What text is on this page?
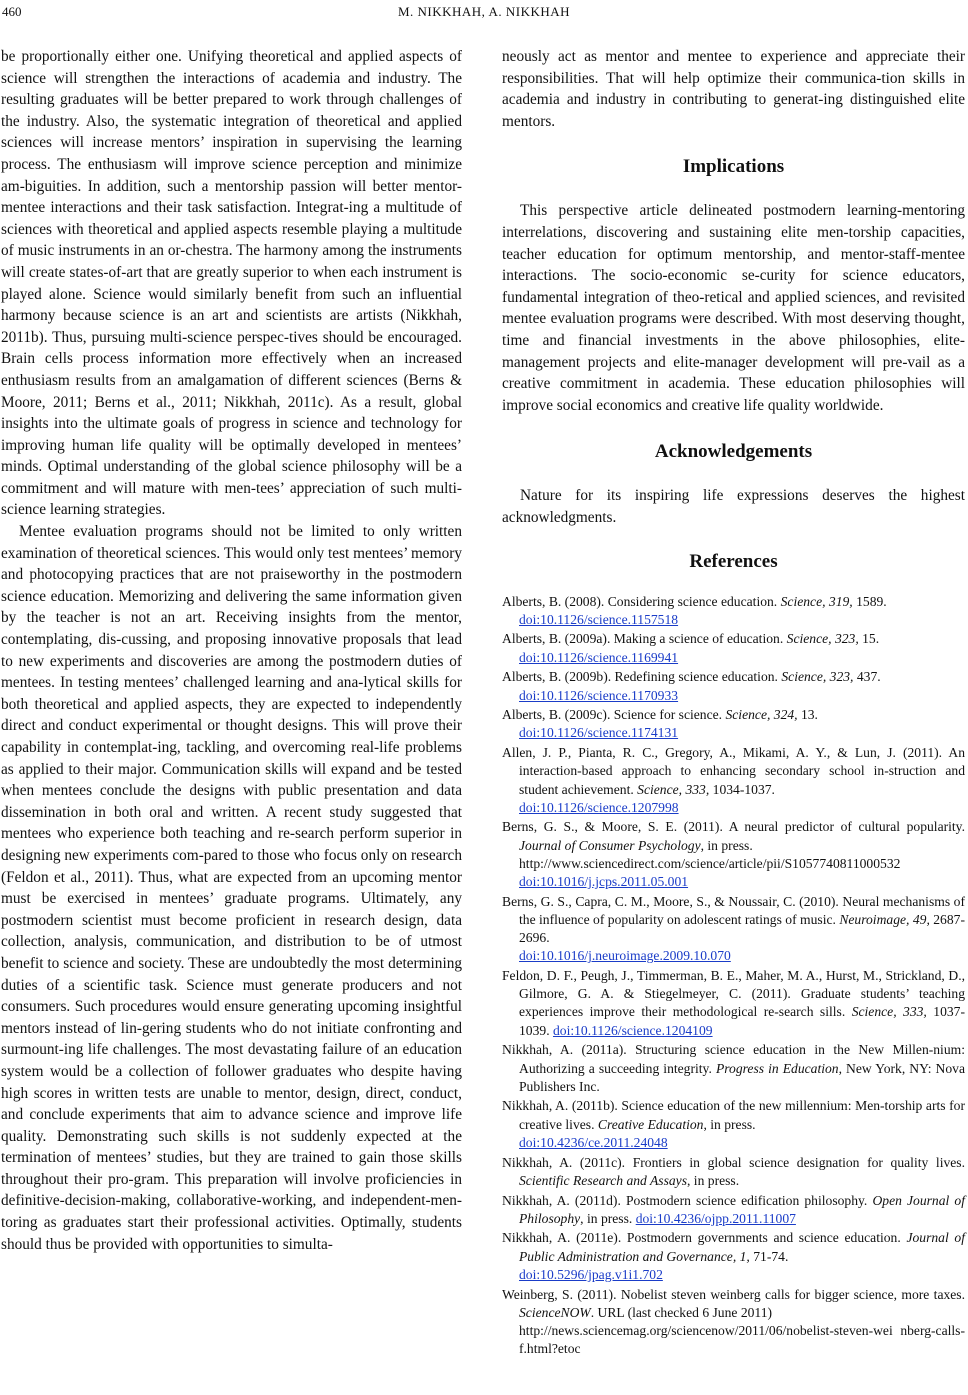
460	M. NIKKHAH, A. NIKKHAH

be proportionally either one. Unifying theoretical and applied aspects of science will strengthen the interactions of academia and industry. The resulting graduates will be better prepared to work through challenges of the industry. Also, the systematic integration of theoretical and applied sciences will increase mentors’ inspiration in supervising the learning process. The enthusiasm will improve science perception and minimize am-biguities. In addition, such a mentorship passion will better mentor-mentee interactions and their task satisfaction. Integrat-ing a multitude of sciences with theoretical and applied aspects resemble playing a multitude of music instruments in an or-chestra. The harmony among the instruments will create states-of-art that are greatly superior to when each instrument is played alone. Science would similarly benefit from such an influential harmony because science is an art and scientists are artists (Nikkhah, 2011b). Thus, pursuing multi-science perspec-tives should be encouraged. Brain cells process information more effectively when an increased enthusiasm results from an amalgamation of different sciences (Berns & Moore, 2011; Berns et al., 2011; Nikkhah, 2011c). As a result, global insights into the ultimate goals of progress in science and technology for improving human life quality will be optimally developed in mentees’ minds. Optimal understanding of the global science philosophy will be a commitment and will mature with men-tees’ appreciation of such multi-science learning strategies.

Mentee evaluation programs should not be limited to only written examination of theoretical sciences. This would only test mentees’ memory and photocopying practices that are not praiseworthy in the postmodern science education. Memorizing and delivering the same information given by the teacher is not an art. Receiving insights from the mentor, contemplating, dis-cussing, and proposing innovative proposals that lead to new experiments and discoveries are among the postmodern duties of mentees. In testing mentees’ challenged learning and ana-lytical skills for both theoretical and applied aspects, they are expected to independently direct and conduct experimental or thought designs. This will prove their capability in contemplat-ing, tackling, and overcoming real-life problems as applied to their major. Communication skills will expand and be tested when mentees conclude the designs with public presentation and data dissemination in both oral and written. A recent study suggested that mentees who experience both teaching and re-search perform superior in designing new experiments com-pared to those who focus only on research (Feldon et al., 2011). Thus, what are expected from an upcoming mentor must be exercised in mentees’ graduate programs. Ultimately, any postmodern scientist must become proficient in research design, data collection, analysis, communication, and distribution to be of utmost benefit to science and society. These are undoubtedly the most determining duties of a scientific task. Science must generate producers and not consumers. Such procedures would ensure generating upcoming insightful mentors instead of lin-gering students who do not initiate confronting and surmount-ing life challenges. The most devastating failure of an education system would be a collection of follower graduates who despite having high scores in written tests are unable to mentor, design, direct, conduct, and conclude experiments that aim to advance science and improve life quality. Demonstrating such skills is not suddenly expected at the termination of mentees’ studies, but they are trained to gain those skills throughout their pro-gram. This preparation will involve proficiencies in definitive-decision-making, collaborative-working, and independent-men-toring as graduates start their professional activities. Optimally, students should thus be provided with opportunities to simulta-

neously act as mentor and mentee to experience and appreciate their responsibilities. That will help optimize their communica-tion skills in academia and industry in contributing to generat-ing distinguished elite mentors.

Implications

This perspective article delineated postmodern learning-mentoring interrelations, discovering and sustaining elite men-torship capacities, teacher education for optimum mentorship, and mentor-staff-mentee interactions. The socio-economic se-curity for science educators, fundamental integration of theo-retical and applied sciences, and revisited mentee evaluation programs were described. With most deserving thought, time and financial investments in the above philosophies, elite-management projects and elite-manager development will pre-vail as a creative commitment in academia. These education philosophies will improve social economics and creative life quality worldwide.

Acknowledgements

Nature for its inspiring life expressions deserves the highest acknowledgments.

References
Alberts, B. (2008). Considering science education. Science, 319, 1589.
doi:10.1126/science.1157518
Alberts, B. (2009a). Making a science of education. Science, 323, 15.
doi:10.1126/science.1169941
Alberts, B. (2009b). Redefining science education. Science, 323, 437.
doi:10.1126/science.1170933
Alberts, B. (2009c). Science for science. Science, 324, 13.
doi:10.1126/science.1174131
Allen, J. P., Pianta, R. C., Gregory, A., Mikami, A. Y., & Lun, J. (2011). An interaction-based approach to enhancing secondary school in-struction and student achievement. Science, 333, 1034-1037.
doi:10.1126/science.1207998
Berns, G. S., & Moore, S. E. (2011). A neural predictor of cultural popularity. Journal of Consumer Psychology, in press.
http://www.sciencedirect.com/science/article/pii/S1057740811000532
doi:10.1016/j.jcps.2011.05.001
Berns, G. S., Capra, C. M., Moore, S., & Noussair, C. (2010). Neural mechanisms of the influence of popularity on adolescent ratings of music. Neuroimage, 49, 2687-2696.
doi:10.1016/j.neuroimage.2009.10.070
Feldon, D. F., Peugh, J., Timmerman, B. E., Maher, M. A., Hurst, M., Strickland, D., Gilmore, G. A. & Stiegelmeyer, C. (2011). Graduate students’ teaching experiences improve their methodological re-search sills. Science, 333, 1037-1039. doi:10.1126/science.1204109
Nikkhah, A. (2011a). Structuring science education in the New Millen-nium: Authorizing a succeeding integrity. Progress in Education, New York, NY: Nova Publishers Inc.
Nikkhah, A. (2011b). Science education of the new millennium: Men-torship arts for creative lives. Creative Education, in press.
doi:10.4236/ce.2011.24048
Nikkhah, A. (2011c). Frontiers in global science designation for quality lives. Scientific Research and Assays, in press.
Nikkhah, A. (2011d). Postmodern science edification philosophy. Open Journal of Philosophy, in press. doi:10.4236/ojpp.2011.11007
Nikkhah, A. (2011e). Postmodern governments and science education. Journal of Public Administration and Governance, 1, 71-74.
doi:10.5296/jpag.v1i1.702
Weinberg, S. (2011). Nobelist steven weinberg calls for bigger science, more taxes. ScienceNOW. URL (last checked 6 June 2011)
http://news.sciencemag.org/sciencenow/2011/06/nobelist-steven-wei nberg-calls-f.html?etoc
